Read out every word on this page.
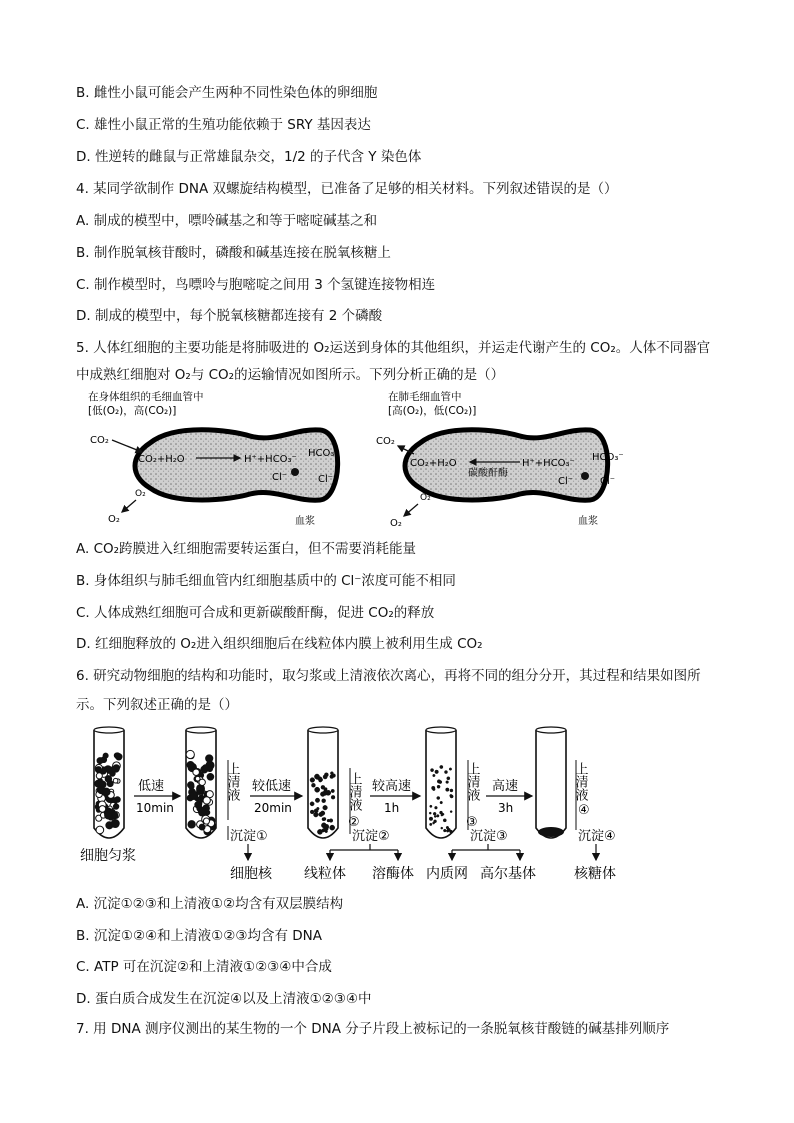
B. 雌性小鼠可能会产生两种不同性染色体的卵细胞
C. 雄性小鼠正常的生殖功能依赖于 SRY 基因表达
D. 性逆转的雌鼠与正常雄鼠杂交，1/2 的子代含 Y 染色体
4. 某同学欲制作 DNA 双螺旋结构模型，已准备了足够的相关材料。下列叙述错误的是（）
A. 制成的模型中，嘌呤碱基之和等于嘧啶碱基之和
B. 制作脱氧核苷酸时，磷酸和碱基连接在脱氧核糖上
C. 制作模型时，鸟嘌呤与胞嘧啶之间用 3 个氢键连接物相连
D. 制成的模型中，每个脱氧核糖都连接有 2 个磷酸
5. 人体红细胞的主要功能是将肺吸进的 O₂运送到身体的其他组织，并运走代谢产生的 CO₂。人体不同器官
中成熟红细胞对 O₂与 CO₂的运输情况如图所示。下列分析正确的是（）
在身体组织的毛细血管中
[低(O₂)，高(CO₂)]
CO₂
CO₂+H₂O	H⁺+HCO₃⁻
HCO₃⁻
Cl⁻	Cl⁻
O₂
O₂	血浆
在肺毛细血管中
[高(O₂)，低(CO₂)]
CO₂
CO₂+H₂O
碳酸酐酶
H⁺+HCO₃⁻
HCO₃⁻
Cl⁻	Cl⁻
O₂
O₂	血浆
A. CO₂跨膜进入红细胞需要转运蛋白，但不需要消耗能量
B. 身体组织与肺毛细血管内红细胞基质中的 Cl⁻浓度可能不相同
C. 人体成熟红细胞可合成和更新碳酸酐酶，促进 CO₂的释放
D. 红细胞释放的 O₂进入组织细胞后在线粒体内膜上被利用生成 CO₂
6. 研究动物细胞的结构和功能时，取匀浆或上清液依次离心，再将不同的组分分开，其过程和结果如图所
示。下列叙述正确的是（）
细胞匀浆
低速
10min
较低速
20min
较高速
1h
高速
3h
上清液	上清液
②
上清液
③
上清液
④
沉淀①	沉淀②	沉淀③	沉淀④
细胞核 线粒体 溶酶体 内质网 高尔基体	核糖体
A. 沉淀①②③和上清液①②均含有双层膜结构
B. 沉淀①②④和上清液①②③均含有 DNA
C. ATP 可在沉淀②和上清液①②③④中合成
D. 蛋白质合成发生在沉淀④以及上清液①②③④中
7. 用 DNA 测序仪测出的某生物的一个 DNA 分子片段上被标记的一条脱氧核苷酸链的碱基排列顺序
